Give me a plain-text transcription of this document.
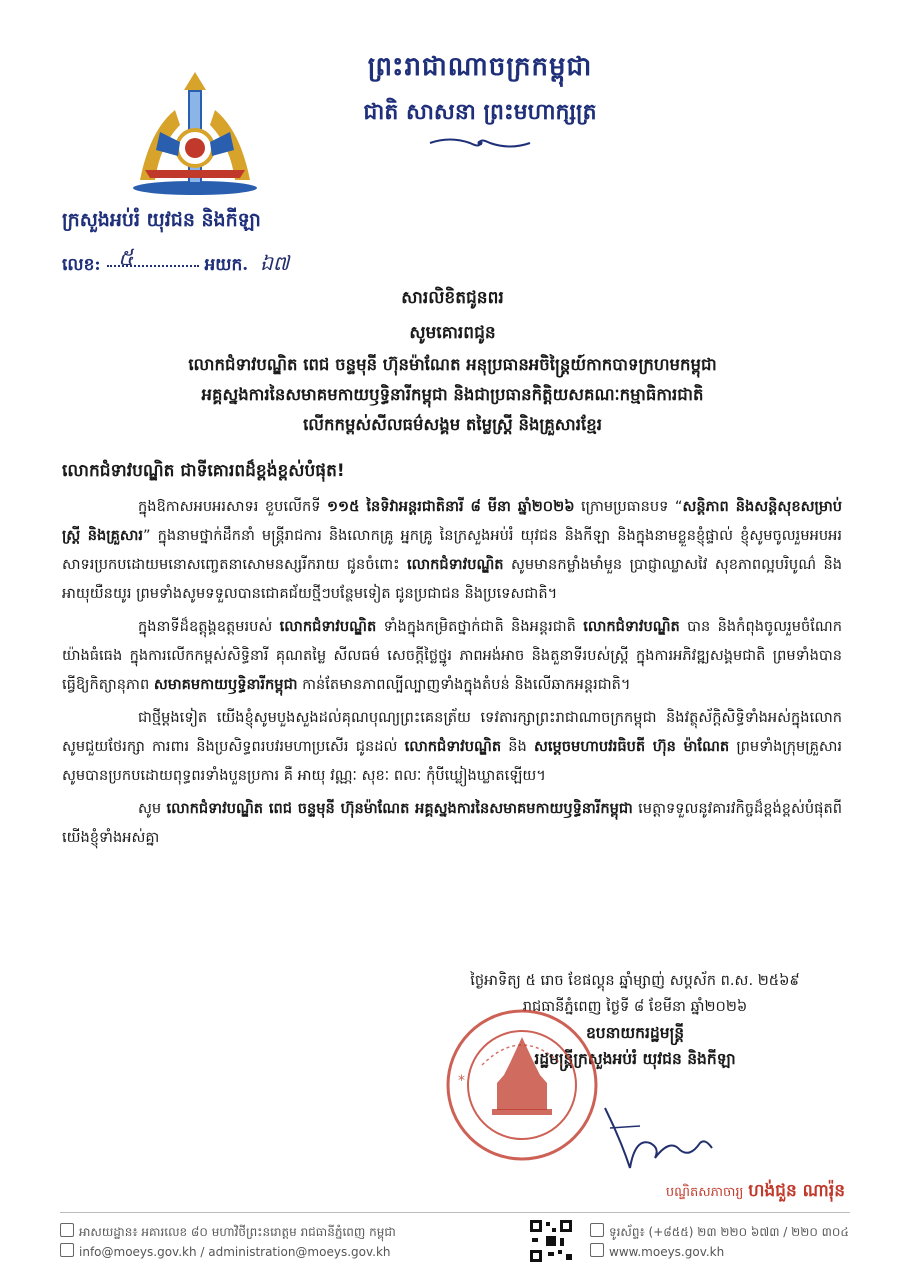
ព្រះរាជាណាចក្រកម្ពុជា
ជាតិ សាសនា ព្រះមហាក្សត្រ
ក្រសួងអប់រំ យុវជន និងកីឡា
លេខ: ៥	អយក. ឯ៧
សារលិខិតជូនពរ
សូមគោរពជូន
លោកជំទាវបណ្ឌិត ពេជ ចន្ទមុនី ហ៊ុនម៉ាណែត អនុប្រធានអចិន្ត្រៃយ៍កាកបាទក្រហមកម្ពុជា
អគ្គស្នងការនៃសមាគមកាយឫទ្ធិនារីកម្ពុជា និងជាប្រធានកិត្តិយសគណៈកម្មាធិការជាតិ
លើកកម្ពស់សីលធម៌សង្គម តម្លៃស្ត្រី និងគ្រួសារខ្មែរ
លោកជំទាវបណ្ឌិត ជាទីគោរពដ៏ខ្ពង់ខ្ពស់បំផុត!

ក្នុងឱកាសអបអរសាទរ ខួបលើកទី ១១៥ នៃទិវាអន្តរជាតិនារី ៨ មីនា ឆ្នាំ២០២៦ ក្រោមប្រធានបទ “សន្តិភាព និងសន្តិសុខសម្រាប់ស្ត្រី និងគ្រួសារ” ក្នុងនាមថ្នាក់ដឹកនាំ មន្ត្រីរាជការ និងលោកគ្រូ អ្នកគ្រូ នៃក្រសួងអប់រំ យុវជន និងកីឡា និងក្នុងនាមខ្លួនខ្ញុំផ្ទាល់ ខ្ញុំសូមចូលរួមអបអរសាទរប្រកបដោយមនោសញ្ចេតនាសោមនស្សរីករាយ ជូនចំពោះ លោកជំទាវបណ្ឌិត សូមមានកម្លាំងមាំមួន ប្រាជ្ញាឈ្លាសវៃ សុខភាពល្អបរិបូណ៌ និងអាយុយឺនយូរ ព្រមទាំងសូមទទួលបានជោគជ័យថ្មីៗបន្ថែមទៀត ជូនប្រជាជន និងប្រទេសជាតិ។

ក្នុងនាទីដ៏ឧត្តុង្គឧត្តមរបស់ លោកជំទាវបណ្ឌិត ទាំងក្នុងកម្រិតថ្នាក់ជាតិ និងអន្តរជាតិ លោកជំទាវបណ្ឌិត បាន និងកំពុងចូលរួមចំណែកយ៉ាងធំធេង ក្នុងការលើកកម្ពស់សិទ្ធិនារី គុណតម្លៃ សីលធម៌ សេចក្ដីថ្លៃថ្នូរ ភាពអង់អាច និងតួនាទីរបស់ស្ត្រី ក្នុងការអភិវឌ្ឍសង្គមជាតិ ព្រមទាំងបានធ្វើឱ្យកិត្យានុភាព សមាគមកាយឫទ្ធិនារីកម្ពុជា កាន់តែមានភាពល្បីល្បាញទាំងក្នុងតំបន់ និងលើឆាកអន្តរជាតិ។

ជាថ្មីម្ដងទៀត យើងខ្ញុំសូមបួងសួងដល់គុណបុណ្យព្រះគេនត្រ័យ ទេវតារក្សាព្រះរាជាណាចក្រកម្ពុជា និងវត្ថុស័ក្តិសិទ្ធិទាំងអស់ក្នុងលោក សូមជួយថែរក្សា ការពារ និងប្រសិទ្ធពរបវរមហាប្រសើរ ជូនដល់ លោកជំទាវបណ្ឌិត និង សម្ដេចមហាបវរធិបតី ហ៊ុន ម៉ាណែត ព្រមទាំងក្រុមគ្រួសារ សូមបានប្រកបដោយពុទ្ធពរទាំងបួនប្រការ គឺ អាយុ វណ្ណៈ សុខៈ ពលៈ កុំបីឃ្លៀងឃ្លាតឡើយ។

សូម លោកជំទាវបណ្ឌិត ពេជ ចន្ទមុនី ហ៊ុនម៉ាណែត អគ្គស្នងការនៃសមាគមកាយឫទ្ធិនារីកម្ពុជា មេត្តាទទួលនូវគារវកិច្ចដ៏ខ្ពង់ខ្ពស់បំផុតពីយើងខ្ញុំទាំងអស់គ្នា

ថ្ងៃអាទិត្យ ៥ រោច ខែផល្គុន ឆ្នាំម្សាញ់ សប្តស័ក ព.ស. ២៥៦៩
រាជធានីភ្នំពេញ ថ្ងៃទី ៨ ខែមីនា ឆ្នាំ២០២៦
ឧបនាយករដ្ឋមន្ត្រី
រដ្ឋមន្ត្រីក្រសួងអប់រំ យុវជន និងកីឡា
*
បណ្ឌិតសភាចារ្យ ហង់ជួន ណារ៉ុន
អាសយដ្ឋាន៖ អគារលេខ ៨០ មហាវិថីព្រះនរោត្តម រាជធានីភ្នំពេញ កម្ពុជា
info@moeys.gov.kh / administration@moeys.gov.kh
ទូរស័ព្ទ៖ (+៨៥៥) ២៣ ២២០ ៦៧៣ / ២២០ ៣០៤
www.moeys.gov.kh
